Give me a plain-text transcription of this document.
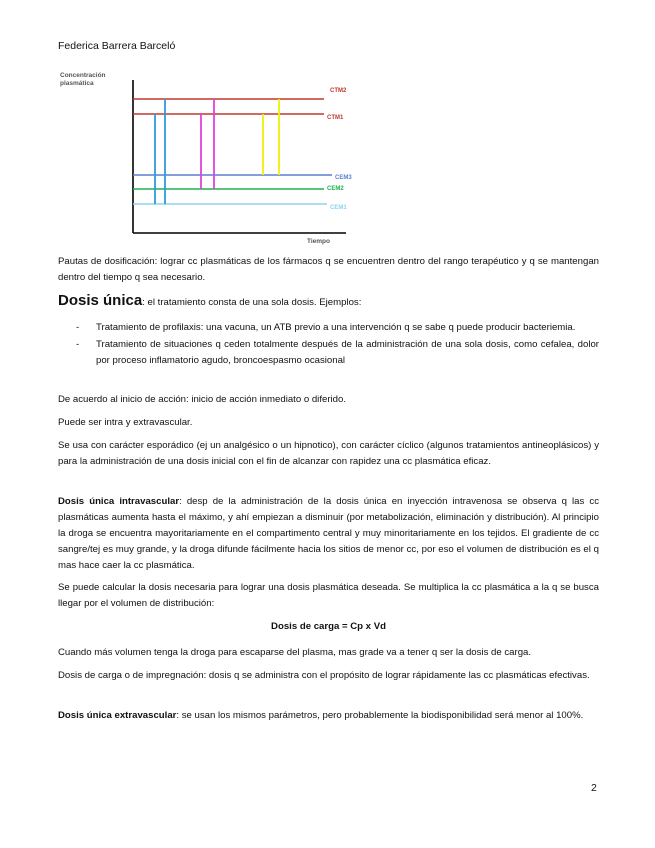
Federica Barrera Barceló
Concentración
plasmática
Tiempo
CTM2
CTM1
CEM3
CEM2
CEM1
Pautas de dosificación: lograr cc plasmáticas de los fármacos q se encuentren dentro del rango terapéutico y q se mantengan dentro del tiempo q sea necesario.
Dosis única: el tratamiento consta de una sola dosis. Ejemplos:
- Tratamiento de profilaxis: una vacuna, un ATB previo a una intervención q se sabe q puede producir bacteriemia.
- Tratamiento de situaciones q ceden totalmente después de la administración de una sola dosis, como cefalea, dolor por proceso inflamatorio agudo, broncoespasmo ocasional
De acuerdo al inicio de acción: inicio de acción inmediato o diferido.
Puede ser intra y extravascular.
Se usa con carácter esporádico (ej un analgésico o un hipnotico), con carácter cíclico (algunos tratamientos antineoplásicos) y para la administración de una dosis inicial con el fin de alcanzar con rapidez una cc plasmática eficaz.
Dosis única intravascular: desp de la administración de la dosis única en inyección intravenosa se observa q las cc plasmáticas aumenta hasta el máximo, y ahí empiezan a disminuir (por metabolización, eliminación y distribución). Al principio la droga se encuentra mayoritariamente en el compartimento central y muy minoritariamente en los tejidos. El gradiente de cc sangre/tej es muy grande, y la droga difunde fácilmente hacia los sitios de menor cc, por eso el volumen de distribución es el q mas hace caer la cc plasmática.
Se puede calcular la dosis necesaria para lograr una dosis plasmática deseada. Se multiplica la cc plasmática a la q se busca llegar por el volumen de distribución:
Dosis de carga = Cp x Vd
Cuando más volumen tenga la droga para escaparse del plasma, mas grade va a tener q ser la dosis de carga.
Dosis de carga o de impregnación: dosis q se administra con el propósito de lograr rápidamente las cc plasmáticas efectivas.
Dosis única extravascular: se usan los mismos parámetros, pero probablemente la biodisponibilidad será menor al 100%.
2
